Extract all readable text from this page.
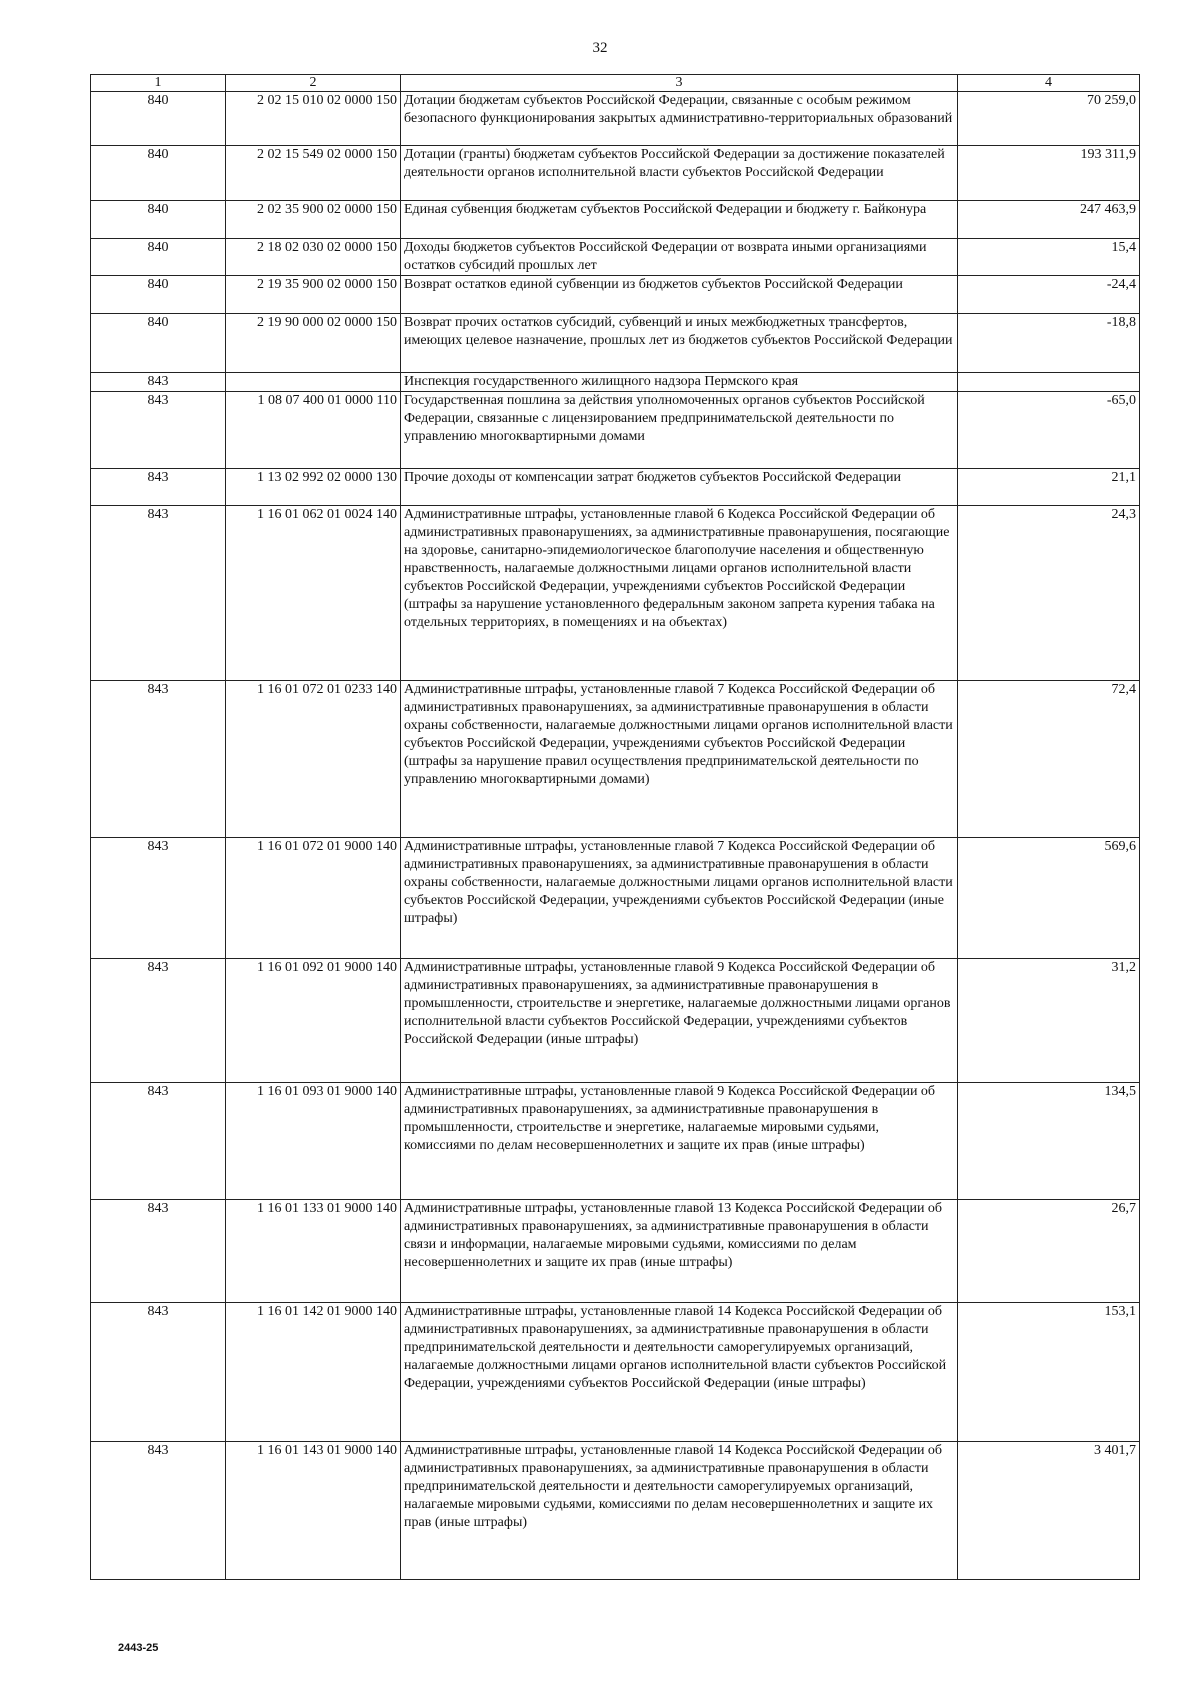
32
1	2	3	4
840	2 02 15 010 02 0000 150	Дотации бюджетам субъектов Российской Федерации, связанные с особым режимом безопасного функционирования закрытых административно-территориальных образований	70 259,0
840	2 02 15 549 02 0000 150	Дотации (гранты) бюджетам субъектов Российской Федерации за достижение показателей деятельности органов исполнительной власти субъектов Российской Федерации	193 311,9
840	2 02 35 900 02 0000 150	Единая субвенция бюджетам субъектов Российской Федерации и бюджету г. Байконура	247 463,9
840	2 18 02 030 02 0000 150	Доходы бюджетов субъектов Российской Федерации от возврата иными организациями остатков субсидий прошлых лет	15,4
840	2 19 35 900 02 0000 150	Возврат остатков единой субвенции из бюджетов субъектов Российской Федерации	-24,4
840	2 19 90 000 02 0000 150	Возврат прочих остатков субсидий, субвенций и иных межбюджетных трансфертов, имеющих целевое назначение, прошлых лет из бюджетов субъектов Российской Федерации	-18,8
843		Инспекция государственного жилищного надзора Пермского края	
843	1 08 07 400 01 0000 110	Государственная пошлина за действия уполномоченных органов субъектов Российской Федерации, связанные с лицензированием предпринимательской деятельности по управлению многоквартирными домами	-65,0
843	1 13 02 992 02 0000 130	Прочие доходы от компенсации затрат бюджетов субъектов Российской Федерации	21,1
843	1 16 01 062 01 0024 140	Административные штрафы, установленные главой 6 Кодекса Российской Федерации об административных правонарушениях, за административные правонарушения, посягающие на здоровье, санитарно-эпидемиологическое благополучие населения и общественную нравственность, налагаемые должностными лицами органов исполнительной власти субъектов Российской Федерации, учреждениями субъектов Российской Федерации (штрафы за нарушение установленного федеральным законом запрета курения табака на отдельных территориях, в помещениях и на объектах)	24,3
843	1 16 01 072 01 0233 140	Административные штрафы, установленные главой 7 Кодекса Российской Федерации об административных правонарушениях, за административные правонарушения в области охраны собственности, налагаемые должностными лицами органов исполнительной власти субъектов Российской Федерации, учреждениями субъектов Российской Федерации (штрафы за нарушение правил осуществления предпринимательской деятельности по управлению многоквартирными домами)	72,4
843	1 16 01 072 01 9000 140	Административные штрафы, установленные главой 7 Кодекса Российской Федерации об административных правонарушениях, за административные правонарушения в области охраны собственности, налагаемые должностными лицами органов исполнительной власти субъектов Российской Федерации, учреждениями субъектов Российской Федерации (иные штрафы)	569,6
843	1 16 01 092 01 9000 140	Административные штрафы, установленные главой 9 Кодекса Российской Федерации об административных правонарушениях, за административные правонарушения в промышленности, строительстве и энергетике, налагаемые должностными лицами органов исполнительной власти субъектов Российской Федерации, учреждениями субъектов Российской Федерации (иные штрафы)	31,2
843	1 16 01 093 01 9000 140	Административные штрафы, установленные главой 9 Кодекса Российской Федерации об административных правонарушениях, за административные правонарушения в промышленности, строительстве и энергетике, налагаемые мировыми судьями, комиссиями по делам несовершеннолетних и защите их прав (иные штрафы)	134,5
843	1 16 01 133 01 9000 140	Административные штрафы, установленные главой 13 Кодекса Российской Федерации об административных правонарушениях, за административные правонарушения в области связи и информации, налагаемые мировыми судьями, комиссиями по делам несовершеннолетних и защите их прав (иные штрафы)	26,7
843	1 16 01 142 01 9000 140	Административные штрафы, установленные главой 14 Кодекса Российской Федерации об административных правонарушениях, за административные правонарушения в области предпринимательской деятельности и деятельности саморегулируемых организаций, налагаемые должностными лицами органов исполнительной власти субъектов Российской Федерации, учреждениями субъектов Российской Федерации (иные штрафы)	153,1
843	1 16 01 143 01 9000 140	Административные штрафы, установленные главой 14 Кодекса Российской Федерации об административных правонарушениях, за административные правонарушения в области предпринимательской деятельности и деятельности саморегулируемых организаций, налагаемые мировыми судьями, комиссиями по делам несовершеннолетних и защите их прав (иные штрафы)	3 401,7
2443-25
